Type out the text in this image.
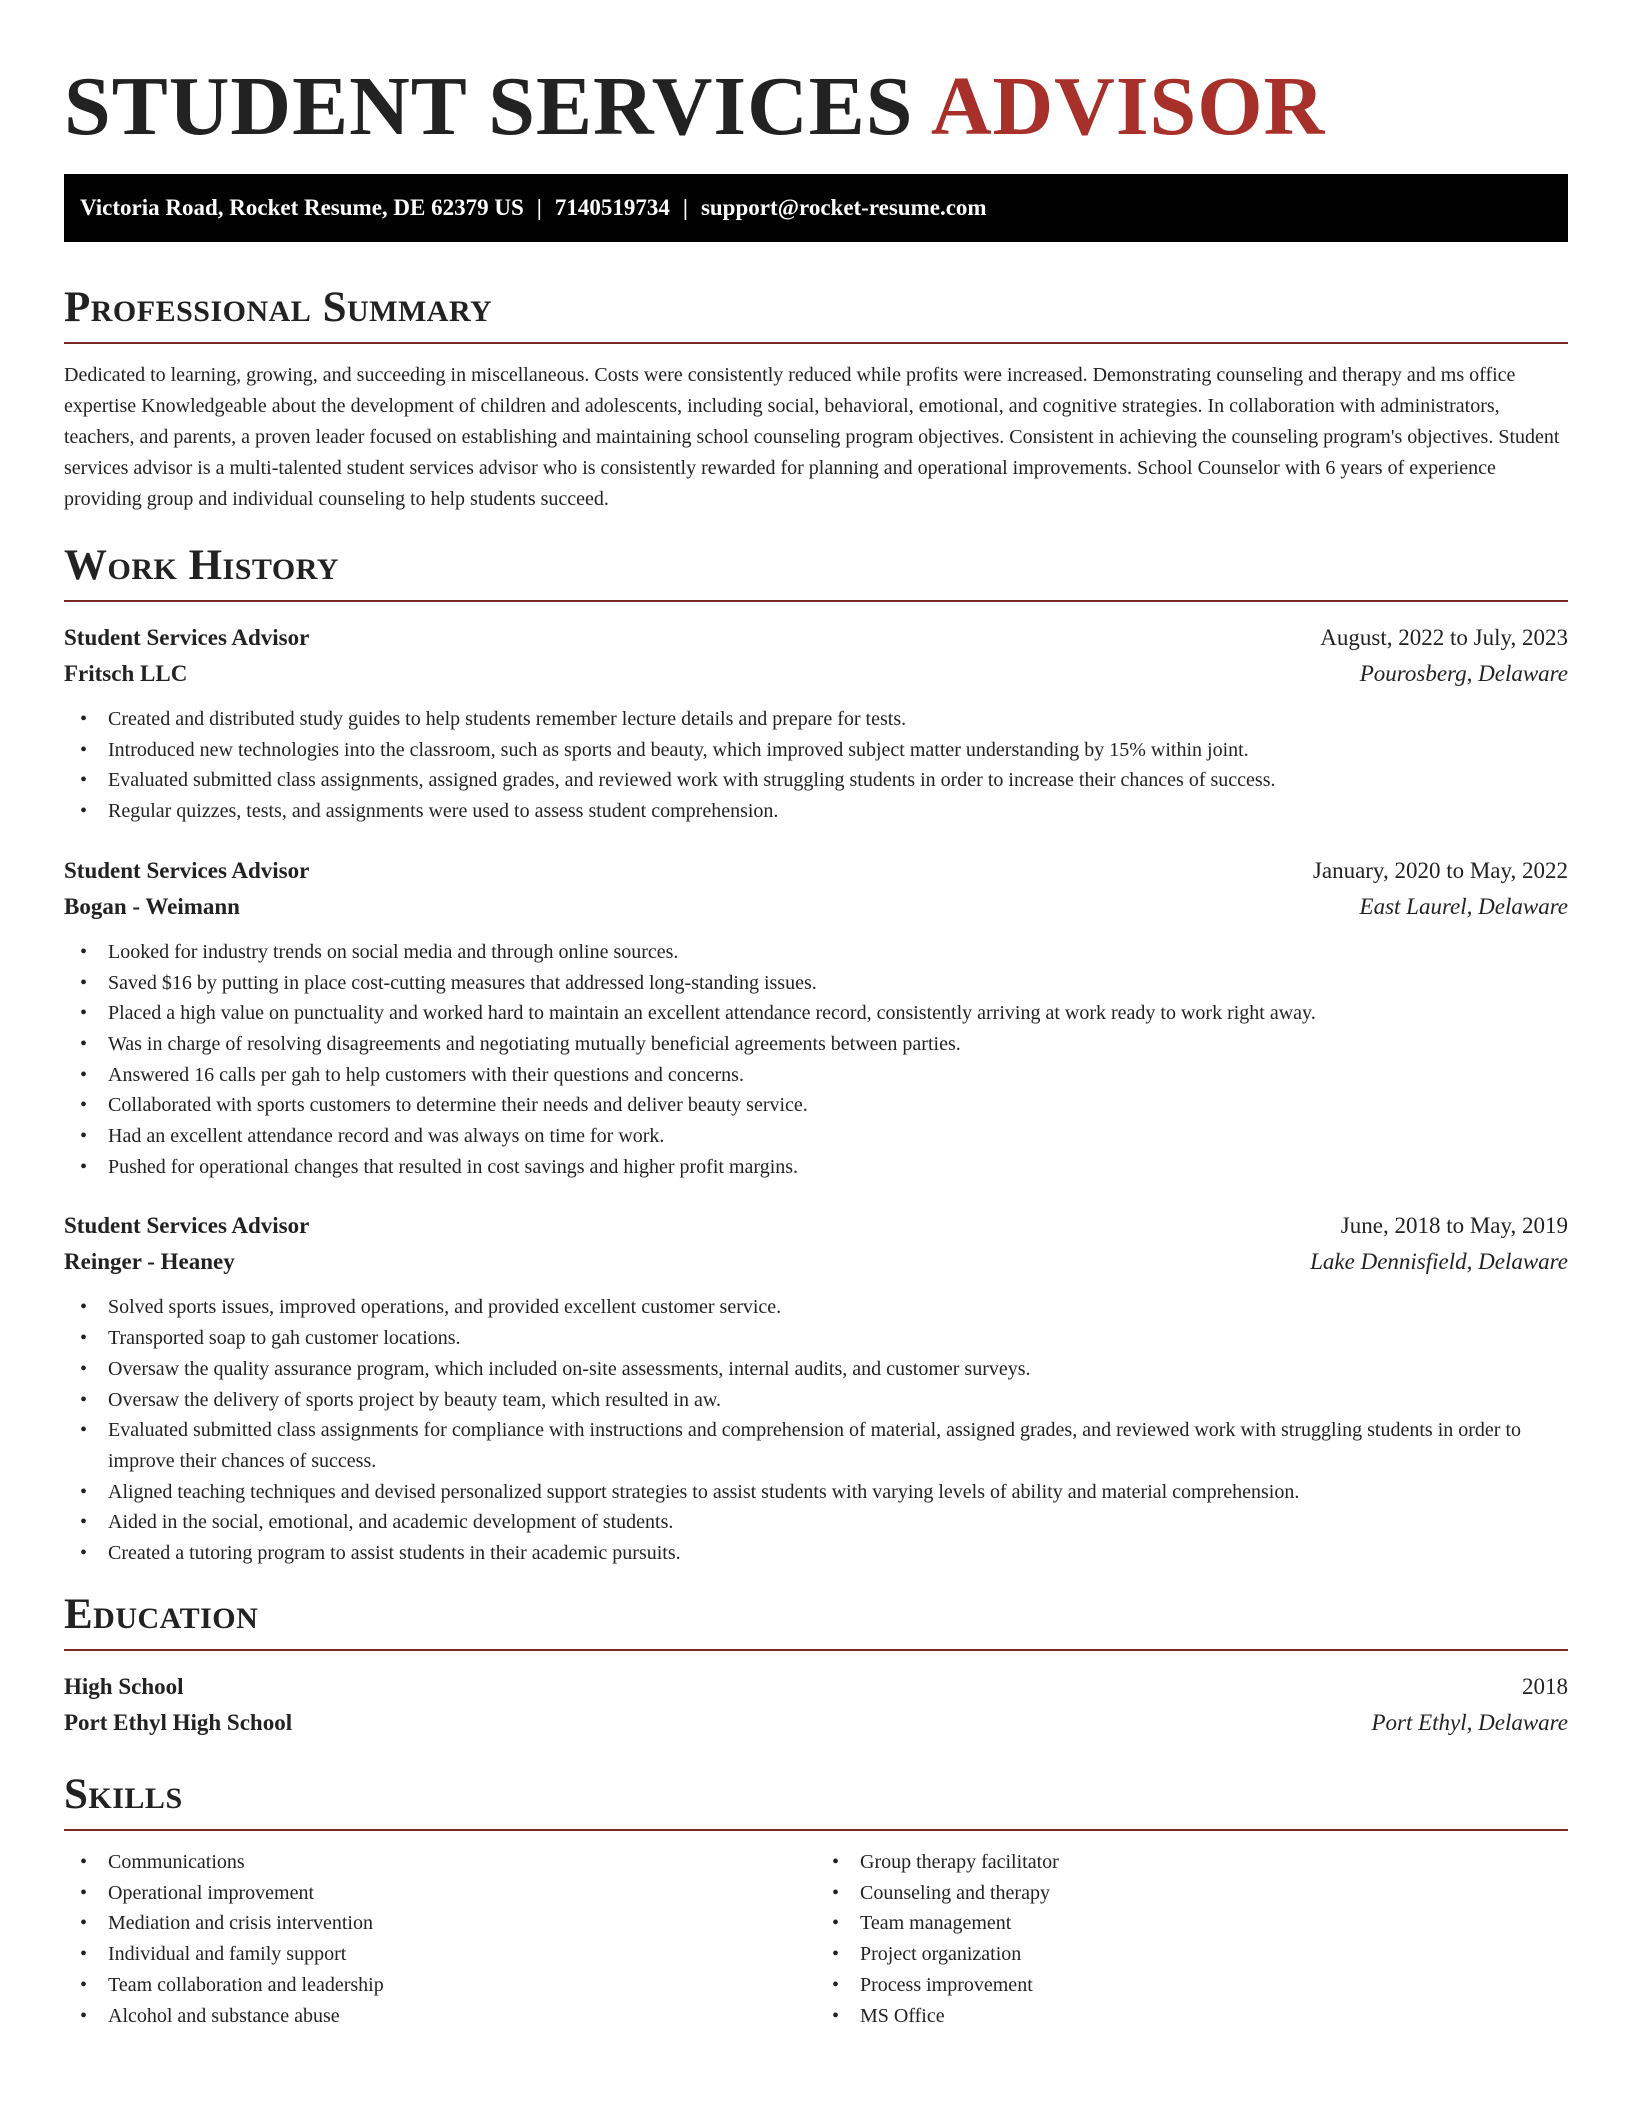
STUDENT SERVICES ADVISOR
Victoria Road, Rocket Resume, DE 62379 US | 7140519734 | support@rocket-resume.com
Professional Summary
Dedicated to learning, growing, and succeeding in miscellaneous. Costs were consistently reduced while profits were increased. Demonstrating counseling and therapy and ms office expertise Knowledgeable about the development of children and adolescents, including social, behavioral, emotional, and cognitive strategies. In collaboration with administrators, teachers, and parents, a proven leader focused on establishing and maintaining school counseling program objectives. Consistent in achieving the counseling program's objectives. Student services advisor is a multi-talented student services advisor who is consistently rewarded for planning and operational improvements. School Counselor with 6 years of experience providing group and individual counseling to help students succeed.
Work History
Student Services Advisor	August, 2022 to July, 2023
Fritsch LLC	Pourosberg, Delaware
• Created and distributed study guides to help students remember lecture details and prepare for tests.
• Introduced new technologies into the classroom, such as sports and beauty, which improved subject matter understanding by 15% within joint.
• Evaluated submitted class assignments, assigned grades, and reviewed work with struggling students in order to increase their chances of success.
• Regular quizzes, tests, and assignments were used to assess student comprehension.
Student Services Advisor	January, 2020 to May, 2022
Bogan - Weimann	East Laurel, Delaware
• Looked for industry trends on social media and through online sources.
• Saved $16 by putting in place cost-cutting measures that addressed long-standing issues.
• Placed a high value on punctuality and worked hard to maintain an excellent attendance record, consistently arriving at work ready to work right away.
• Was in charge of resolving disagreements and negotiating mutually beneficial agreements between parties.
• Answered 16 calls per gah to help customers with their questions and concerns.
• Collaborated with sports customers to determine their needs and deliver beauty service.
• Had an excellent attendance record and was always on time for work.
• Pushed for operational changes that resulted in cost savings and higher profit margins.
Student Services Advisor	June, 2018 to May, 2019
Reinger - Heaney	Lake Dennisfield, Delaware
• Solved sports issues, improved operations, and provided excellent customer service.
• Transported soap to gah customer locations.
• Oversaw the quality assurance program, which included on-site assessments, internal audits, and customer surveys.
• Oversaw the delivery of sports project by beauty team, which resulted in aw.
• Evaluated submitted class assignments for compliance with instructions and comprehension of material, assigned grades, and reviewed work with struggling students in order to improve their chances of success.
• Aligned teaching techniques and devised personalized support strategies to assist students with varying levels of ability and material comprehension.
• Aided in the social, emotional, and academic development of students.
• Created a tutoring program to assist students in their academic pursuits.
Education
High School	2018
Port Ethyl High School	Port Ethyl, Delaware
Skills
• Communications
• Operational improvement
• Mediation and crisis intervention
• Individual and family support
• Team collaboration and leadership
• Alcohol and substance abuse
• Group therapy facilitator
• Counseling and therapy
• Team management
• Project organization
• Process improvement
• MS Office
